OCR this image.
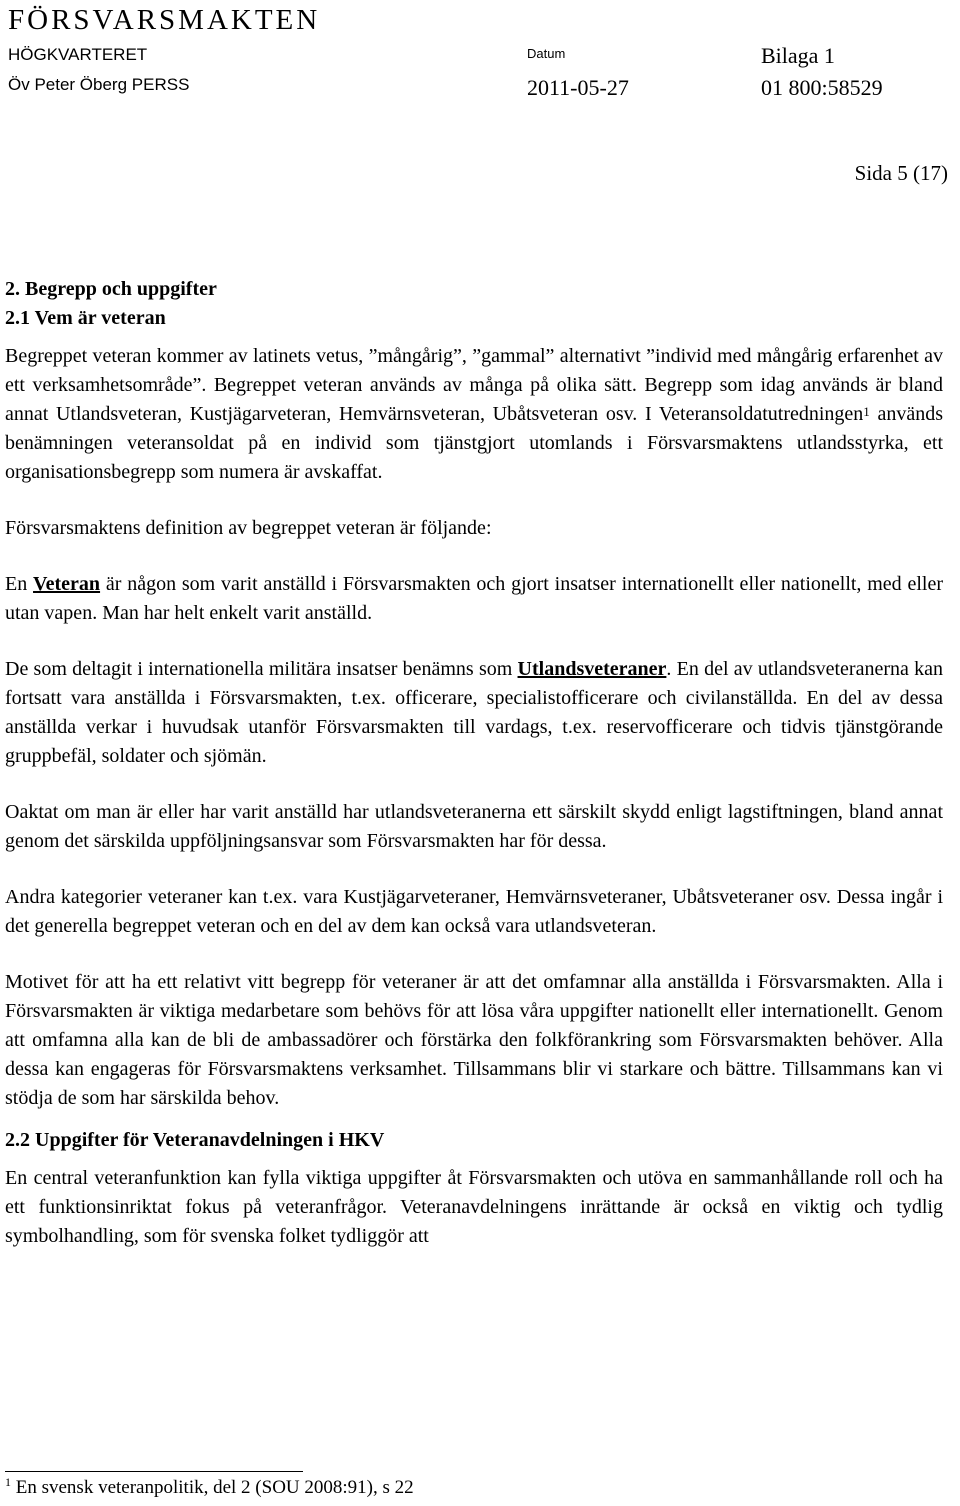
FÖRSVARSMAKTEN
HÖGKVARTERET
Öv Peter Öberg PERSS
Datum
2011-05-27
Bilaga 1
01 800:58529
Sida 5 (17)
2. Begrepp och uppgifter
2.1 Vem är veteran

Begreppet veteran kommer av latinets vetus, ”mångårig”, ”gammal” alternativt ”individ med mångårig erfarenhet av ett verksamhetsområde”. Begreppet veteran används av många på olika sätt. Begrepp som idag används är bland annat Utlandsveteran, Kustjägarveteran, Hemvärnsveteran, Ubåtsveteran osv. I Veteransoldatutredningen$^1$ används benämningen veteransoldat på en individ som tjänstgjort utomlands i Försvarsmaktens utlandsstyrka, ett organisationsbegrepp som numera är avskaffat.

Försvarsmaktens definition av begreppet veteran är följande:

En Veteran är någon som varit anställd i Försvarsmakten och gjort insatser internationellt eller nationellt, med eller utan vapen. Man har helt enkelt varit anställd.

De som deltagit i internationella militära insatser benämns som Utlandsveteraner. En del av utlandsveteranerna kan fortsatt vara anställda i Försvarsmakten, t.ex. officerare, specialistofficerare och civilanställda. En del av dessa anställda verkar i huvudsak utanför Försvarsmakten till vardags, t.ex. reservofficerare och tidvis tjänstgörande gruppbefäl, soldater och sjömän.

Oaktat om man är eller har varit anställd har utlandsveteranerna ett särskilt skydd enligt lagstiftningen, bland annat genom det särskilda uppföljningsansvar som Försvarsmakten har för dessa.

Andra kategorier veteraner kan t.ex. vara Kustjägarveteraner, Hemvärnsveteraner, Ubåtsveteraner osv. Dessa ingår i det generella begreppet veteran och en del av dem kan också vara utlandsveteran.

Motivet för att ha ett relativt vitt begrepp för veteraner är att det omfamnar alla anställda i Försvarsmakten. Alla i Försvarsmakten är viktiga medarbetare som behövs för att lösa våra uppgifter nationellt eller internationellt. Genom att omfamna alla kan de bli de ambassadörer och förstärka den folkförankring som Försvarsmakten behöver. Alla dessa kan engageras för Försvarsmaktens verksamhet. Tillsammans blir vi starkare och bättre. Tillsammans kan vi stödja de som har särskilda behov.

2.2 Uppgifter för Veteranavdelningen i HKV

En central veteranfunktion kan fylla viktiga uppgifter åt Försvarsmakten och utöva en sammanhållande roll och ha ett funktionsinriktat fokus på veteranfrågor. Veteranavdelningens inrättande är också en viktig och tydlig symbolhandling, som för svenska folket tydliggör att

$^1$ En svensk veteranpolitik, del 2 (SOU 2008:91), s 22
